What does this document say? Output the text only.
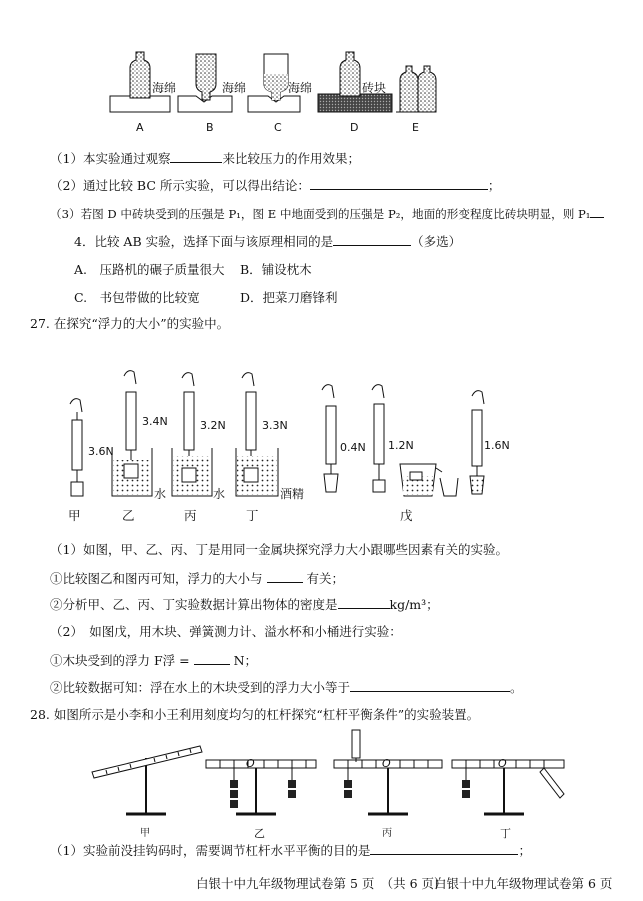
海绵	海绵	海绵	砖块
A	B	C	D	E
（1）本实验通过观察	来比较压力的作用效果；
（2）通过比较 BC 所示实验，可以得出结论：	；
（3）若图 D 中砖块受到的压强是 P₁，图 E 中地面受到的压强是 P₂，地面的形变程度比砖块明显，则 P₁
4．比较 AB 实验，选择下面与该原理相同的是	（多选）
A.　压路机的碾子质量很大 B．铺设枕木
C.　书包带做的比较宽	D．把菜刀磨锋利
27. 在探究“浮力的大小”的实验中。
3.6N
3.4N	3.2N	3.3N
0.4N 1.2N	1.6N
水	水	酒精
甲	乙	丙	丁	戊
（1）如图，甲、乙、丙、丁是用同一金属块探究浮力大小跟哪些因素有关的实验。
①比较图乙和图丙可知，浮力的大小与	有关；
②分析甲、乙、丙、丁实验数据计算出物体的密度是	kg/m³；
（2）　如图戊，用木块、弹簧测力计、溢水杯和小桶进行实验：
①木块受到的浮力 F浮 =	N；
②比较数据可知：浮在水上的木块受到的浮力大小等于	。
28. 如图所示是小李和小王利用刻度均匀的杠杆探究“杠杆平衡条件”的实验装置。
O	O	O
甲	乙	丙	丁
（1）实验前没挂钩码时，需要调节杠杆水平平衡的目的是	；
白银十中九年级物理试卷第 5 页　（共 6 页）
白银十中九年级物理试卷第 6 页
